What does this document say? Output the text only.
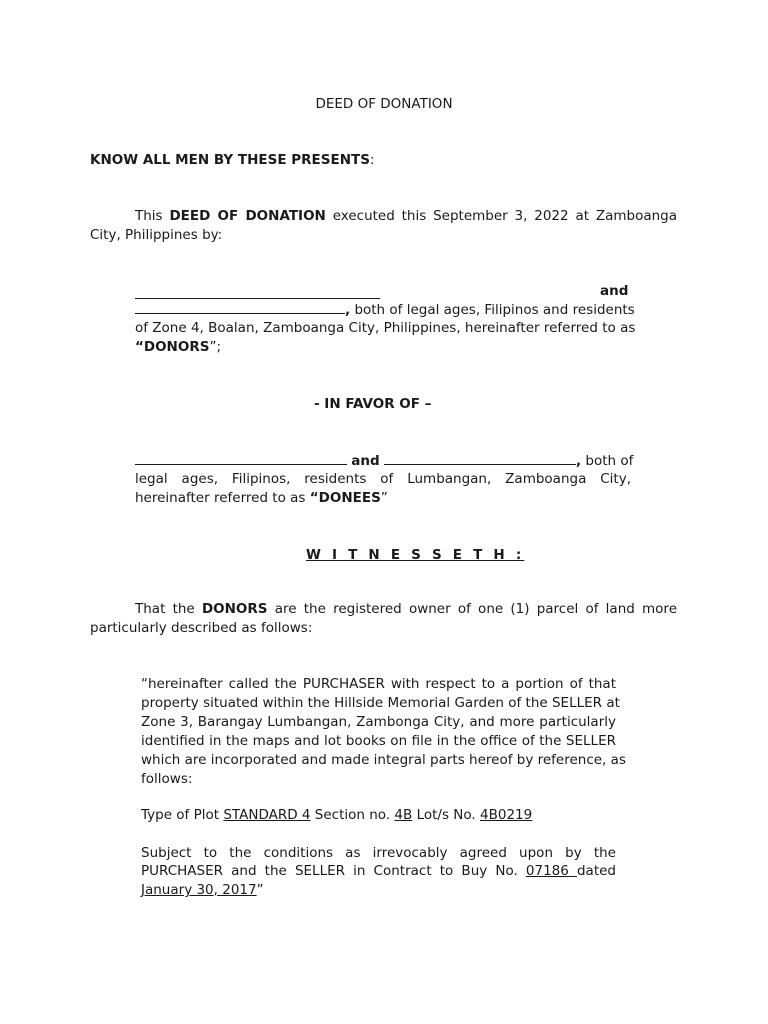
DEED OF DONATION
KNOW ALL MEN BY THESE PRESENTS:
This DEED OF DONATION executed this September 3, 2022 at Zamboanga
City, Philippines by:
and
, both of legal ages, Filipinos and residents
of Zone 4, Boalan, Zamboanga City, Philippines, hereinafter referred to as
“DONORS”;
- IN FAVOR OF –
and	, both of
legal ages, Filipinos, residents of Lumbangan, Zamboanga City,
hereinafter referred to as “DONEES”
W I T N E S S E T H :
That the DONORS are the registered owner of one (1) parcel of land more
particularly described as follows:
“hereinafter called the PURCHASER with respect to a portion of that
property situated within the Hillside Memorial Garden of the SELLER at
Zone 3, Barangay Lumbangan, Zambonga City, and more particularly
identified in the maps and lot books on file in the office of the SELLER
which are incorporated and made integral parts hereof by reference, as
follows:
Type of Plot STANDARD 4 Section no. 4B Lot/s No. 4B0219
Subject to the conditions as irrevocably agreed upon by the
PURCHASER and the SELLER in Contract to Buy No. 07186 dated
January 30, 2017”
